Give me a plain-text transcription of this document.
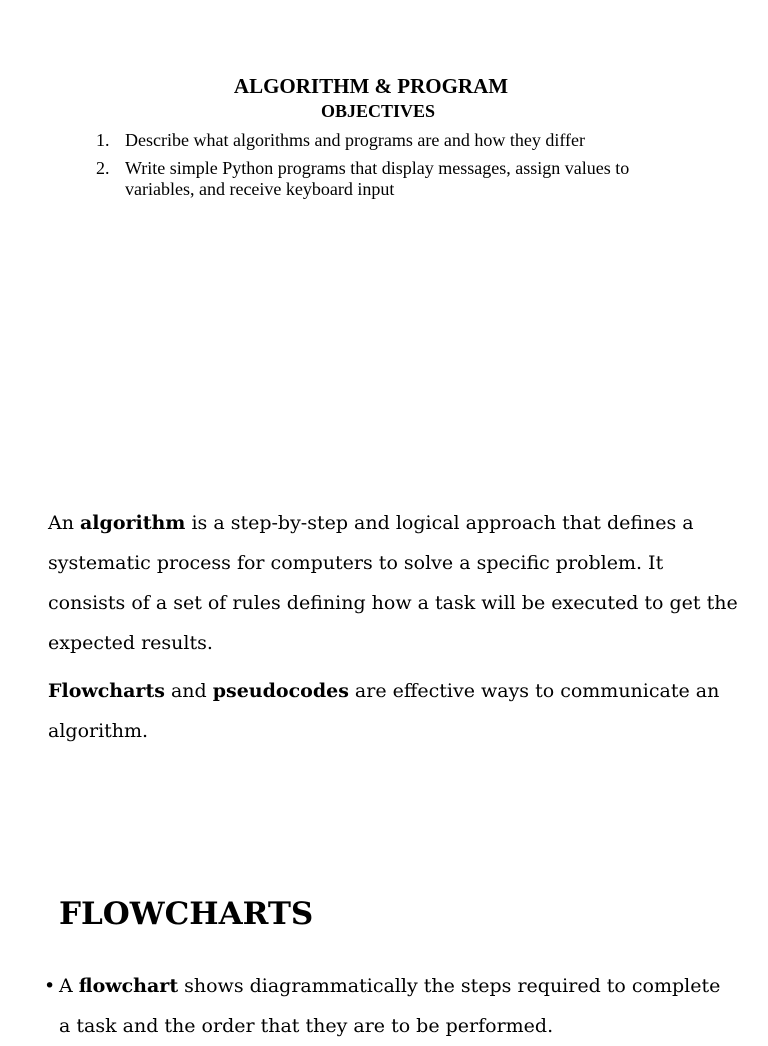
ALGORITHM & PROGRAM
OBJECTIVES
1. Describe what algorithms and programs are and how they differ
2. Write simple Python programs that display messages, assign values to variables, and receive keyboard input

An algorithm is a step-by-step and logical approach that defines a systematic process for computers to solve a specific problem. It consists of a set of rules defining how a task will be executed to get the expected results.

Flowcharts and pseudocodes are effective ways to communicate an algorithm.

FLOWCHARTS
• A flowchart shows diagrammatically the steps required to complete a task and the order that they are to be performed.
